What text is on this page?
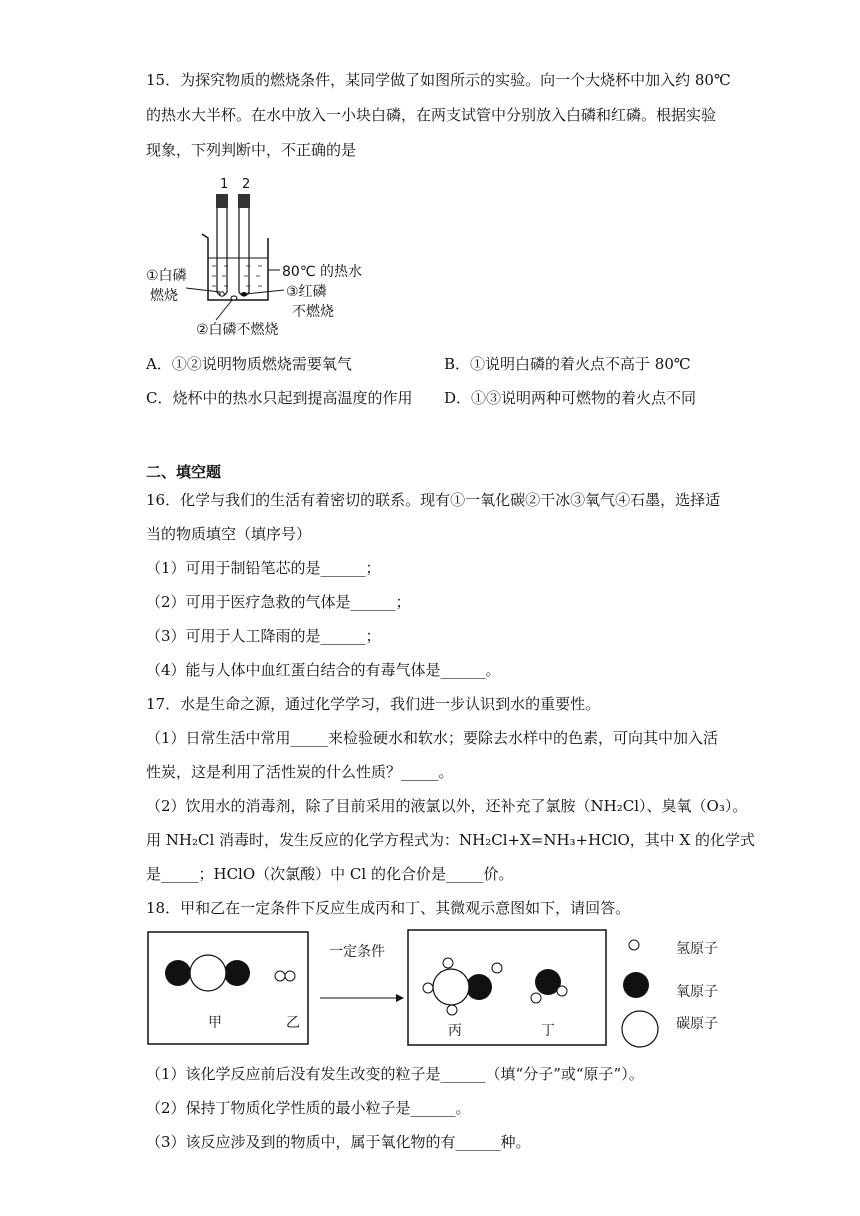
15．为探究物质的燃烧条件，某同学做了如图所示的实验。向一个大烧杯中加入约 80℃
的热水大半杯。在水中放入一小块白磷，在两支试管中分别放入白磷和红磷。根据实验
现象，下列判断中，不正确的是
1 2
80℃ 的热水
①白磷
燃烧	③红磷
不燃烧
②白磷不燃烧
A．①②说明物质燃烧需要氧气	B．①说明白磷的着火点不高于 80℃
C．烧杯中的热水只起到提高温度的作用 D．①③说明两种可燃物的着火点不同
二、填空题
16．化学与我们的生活有着密切的联系。现有①一氧化碳②干冰③氧气④石墨，选择适
当的物质填空（填序号）
（1）可用于制铅笔芯的是______；
（2）可用于医疗急救的气体是______；
（3）可用于人工降雨的是______；
（4）能与人体中血红蛋白结合的有毒气体是______。
17．水是生命之源，通过化学学习，我们进一步认识到水的重要性。
（1）日常生活中常用_____来检验硬水和软水；要除去水样中的色素，可向其中加入活
性炭，这是利用了活性炭的什么性质？_____。
（2）饮用水的消毒剂，除了目前采用的液氯以外，还补充了氯胺（NH₂Cl）、臭氧（O₃）。
用 NH₂Cl 消毒时，发生反应的化学方程式为：NH₂Cl+X=NH₃+HClO，其中 X 的化学式
是_____；HClO（次氯酸）中 Cl 的化合价是_____价。
18．甲和乙在一定条件下反应生成丙和丁、其微观示意图如下，请回答。
甲	乙
一定条件
丙	丁
氢原子
氧原子
碳原子
（1）该化学反应前后没有发生改变的粒子是______（填“分子”或“原子”）。
（2）保持丁物质化学性质的最小粒子是______。
（3）该反应涉及到的物质中，属于氧化物的有______种。
